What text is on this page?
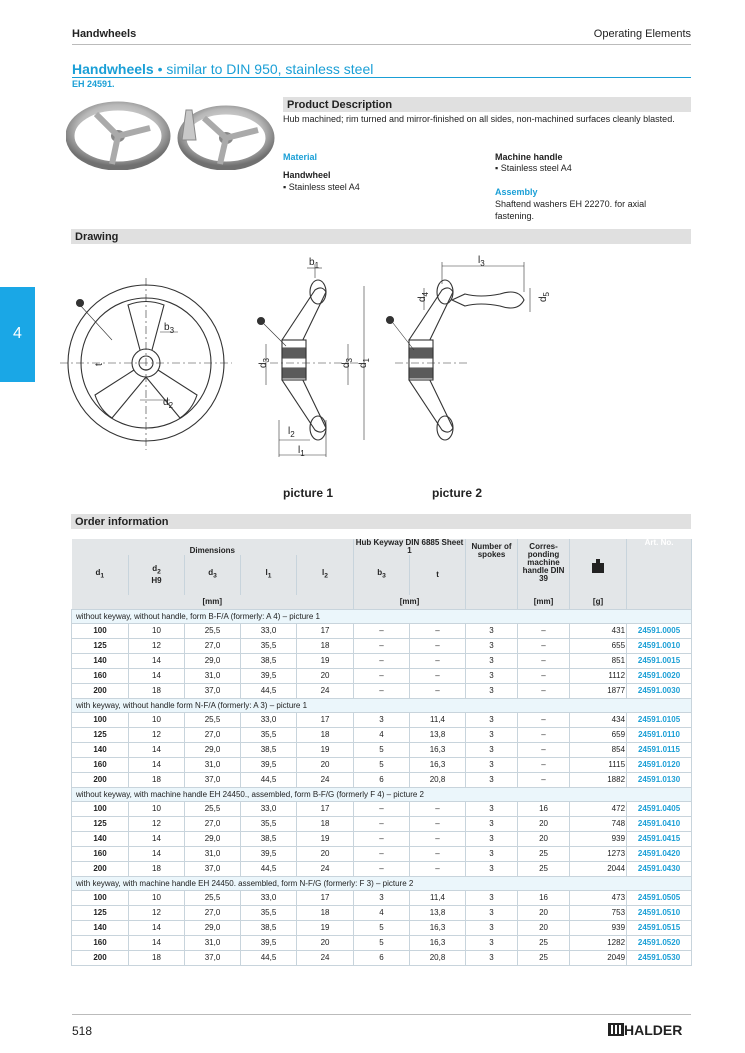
Handwheels	Operating Elements
Handwheels • similar to DIN 950, stainless steel
EH 24591.
4
Product Description
Hub machined; rim turned and mirror-finished on all sides, non-machined surfaces cleanly blasted.
Material
Handwheel
▪ Stainless steel A4
Machine handle
▪ Stainless steel A4
Assembly
Shaftend washers EH 22270. for axial fastening.
Drawing
$b_3$
t
$d_2$
$b_1$
$d_3$
$d_3$
$d_1$
$l_2$
$l_1$
$l_3$
$d_4$
$d_5$
picture 1	picture 2
Order information
Dimensions					Hub Keyway DIN 6885 Sheet 1		Number of spokes	Corres-ponding machine handle DIN 39		Art. No.
$d_1$	$d_2$
H9	$d_3$	$l_1$	$l_2$	$b_3$	t				
[mm]					[mm]			[mm]	[g]	
without keyway, without handle, form B-F/A (formerly: A 4) – picture 1										
100	10	25,5	33,0	17	–	–	3	–	431	24591.0005
125	12	27,0	35,5	18	–	–	3	–	655	24591.0010
140	14	29,0	38,5	19	–	–	3	–	851	24591.0015
160	14	31,0	39,5	20	–	–	3	–	1112	24591.0020
200	18	37,0	44,5	24	–	–	3	–	1877	24591.0030
with keyway, without handle form N-F/A (formerly: A 3) – picture 1										
100	10	25,5	33,0	17	3	11,4	3	–	434	24591.0105
125	12	27,0	35,5	18	4	13,8	3	–	659	24591.0110
140	14	29,0	38,5	19	5	16,3	3	–	854	24591.0115
160	14	31,0	39,5	20	5	16,3	3	–	1115	24591.0120
200	18	37,0	44,5	24	6	20,8	3	–	1882	24591.0130
without keyway, with machine handle EH 24450., assembled, form B-F/G (formerly F 4) – picture 2										
100	10	25,5	33,0	17	–	–	3	16	472	24591.0405
125	12	27,0	35,5	18	–	–	3	20	748	24591.0410
140	14	29,0	38,5	19	–	–	3	20	939	24591.0415
160	14	31,0	39,5	20	–	–	3	25	1273	24591.0420
200	18	37,0	44,5	24	–	–	3	25	2044	24591.0430
with keyway, with machine handle EH 24450. assembled, form N-F/G (formerly: F 3) – picture 2										
100	10	25,5	33,0	17	3	11,4	3	16	473	24591.0505
125	12	27,0	35,5	18	4	13,8	3	20	753	24591.0510
140	14	29,0	38,5	19	5	16,3	3	20	939	24591.0515
160	14	31,0	39,5	20	5	16,3	3	25	1282	24591.0520
200	18	37,0	44,5	24	6	20,8	3	25	2049	24591.0530
518	HALDER
